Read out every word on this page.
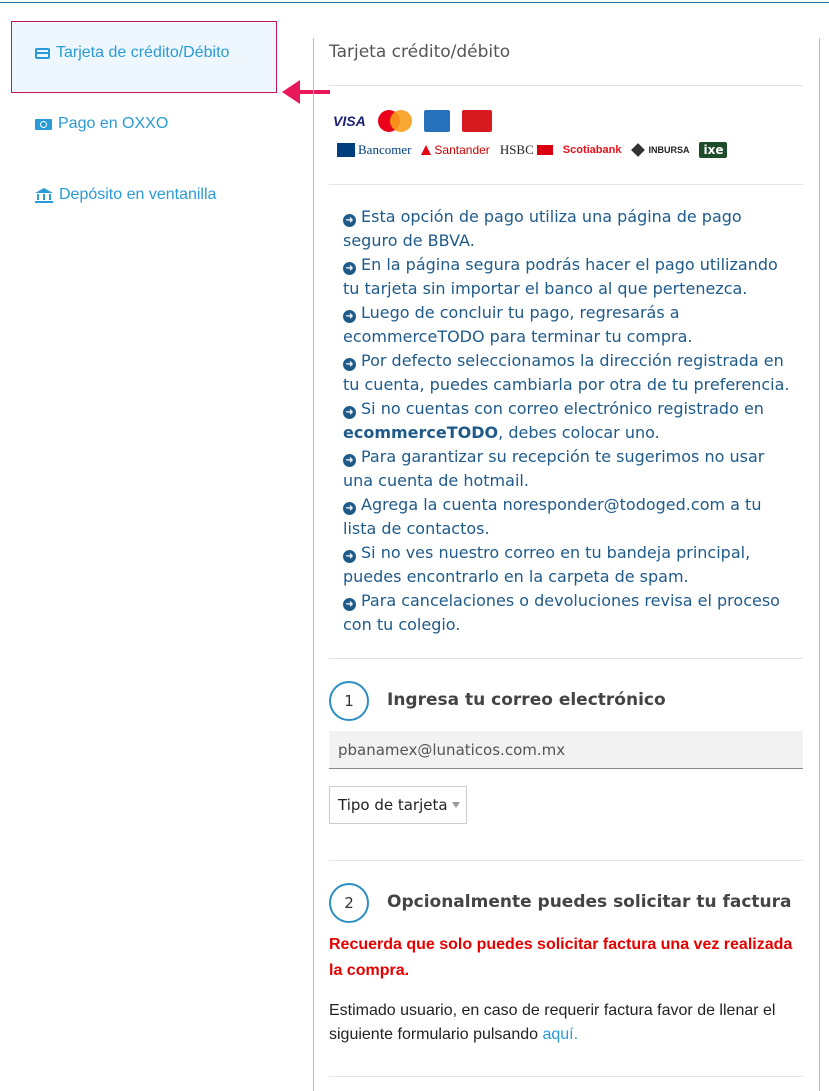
Tarjeta de crédito/Débito
Pago en OXXO
Depósito en ventanilla
Tarjeta crédito/débito
VISA
Bancomer Santander HSBC	Scotiabank	INBURSA	ixe

➜ Esta opción de pago utiliza una página de pago seguro de BBVA.

➜ En la página segura podrás hacer el pago utilizando tu tarjeta sin importar el banco al que pertenezca.

➜ Luego de concluir tu pago, regresarás a ecommerceTODO para terminar tu compra.

➜ Por defecto seleccionamos la dirección registrada en tu cuenta, puedes cambiarla por otra de tu preferencia.

➜ Si no cuentas con correo electrónico registrado en ecommerceTODO, debes colocar uno.

➜ Para garantizar su recepción te sugerimos no usar una cuenta de hotmail.

➜ Agrega la cuenta noresponder@todoged.com a tu lista de contactos.

➜ Si no ves nuestro correo en tu bandeja principal, puedes encontrarlo en la carpeta de spam.

➜ Para cancelaciones o devoluciones revisa el proceso con tu colegio.

1	Ingresa tu correo electrónico
pbanamex@lunaticos.com.mx
Tipo de tarjeta
2	Opcionalmente puedes solicitar tu factura
Recuerda que solo puedes solicitar factura una vez realizada la compra.
Estimado usuario, en caso de requerir factura favor de llenar el siguiente formulario pulsando aquí.
